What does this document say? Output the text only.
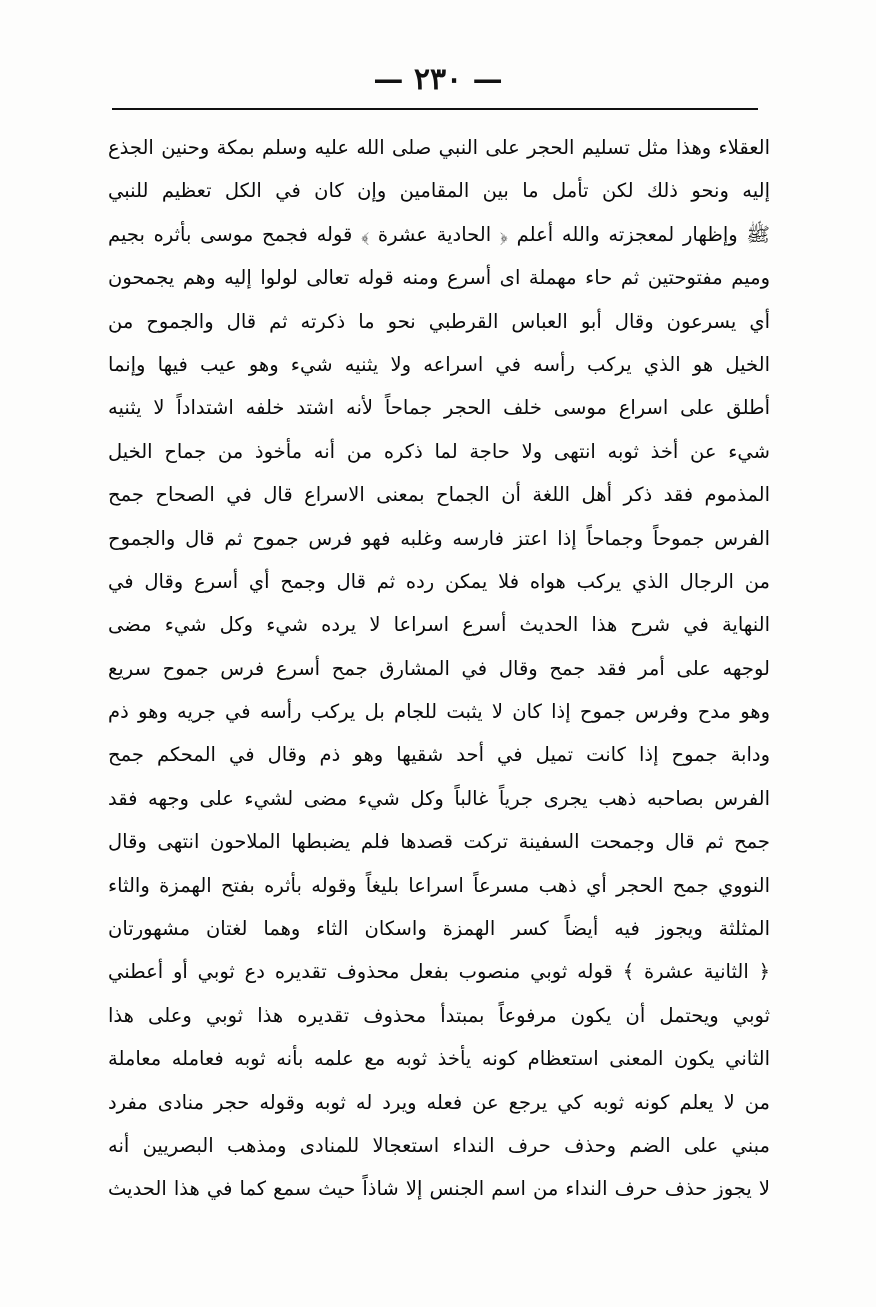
— ٢٣٠ —
العقلاء وهذا مثل تسليم الحجر على النبي صلى الله عليه وسلم بمكة وحنين الجذع
إليه ونحو ذلك لكن تأمل ما بين المقامين وإن كان في الكل تعظيم للنبي
ﷺ وإظهار لمعجزته والله أعلم ﴿ الحادية عشرة ﴾ قوله فجمح موسى بأثره بجيم
وميم مفتوحتين ثم حاء مهملة اى أسرع ومنه قوله تعالى لولوا إليه وهم يجمحون
أي يسرعون وقال أبو العباس القرطبي نحو ما ذكرته ثم قال والجموح من
الخيل هو الذي يركب رأسه في اسراعه ولا يثنيه شيء وهو عيب فيها وإنما
أطلق على اسراع موسى خلف الحجر جماحاً لأنه اشتد خلفه اشتداداً لا يثنيه
شيء عن أخذ ثوبه انتهى ولا حاجة لما ذكره من أنه مأخوذ من جماح الخيل
المذموم فقد ذكر أهل اللغة أن الجماح بمعنى الاسراع قال في الصحاح جمح
الفرس جموحاً وجماحاً إذا اعتز فارسه وغلبه فهو فرس جموح ثم قال والجموح
من الرجال الذي يركب هواه فلا يمكن رده ثم قال وجمح أي أسرع وقال في
النهاية في شرح هذا الحديث أسرع اسراعا لا يرده شيء وكل شيء مضى
لوجهه على أمر فقد جمح وقال في المشارق جمح أسرع فرس جموح سريع
وهو مدح وفرس جموح إذا كان لا يثبت للجام بل يركب رأسه في جريه وهو ذم
ودابة جموح إذا كانت تميل في أحد شقيها وهو ذم وقال في المحكم جمح
الفرس بصاحبه ذهب يجرى جرياً غالباً وكل شيء مضى لشيء على وجهه فقد
جمح ثم قال وجمحت السفينة تركت قصدها فلم يضبطها الملاحون انتهى وقال
النووي جمح الحجر أي ذهب مسرعاً اسراعا بليغاً وقوله بأثره بفتح الهمزة والثاء
المثلثة ويجوز فيه أيضاً كسر الهمزة واسكان الثاء وهما لغتان مشهورتان
﴿ الثانية عشرة ﴾ قوله ثوبي منصوب بفعل محذوف تقديره دع ثوبي أو أعطني
ثوبي ويحتمل أن يكون مرفوعاً بمبتدأ محذوف تقديره هذا ثوبي وعلى هذا
الثاني يكون المعنى استعظام كونه يأخذ ثوبه مع علمه بأنه ثوبه فعامله معاملة
من لا يعلم كونه ثوبه كي يرجع عن فعله ويرد له ثوبه وقوله حجر منادى مفرد
مبني على الضم وحذف حرف النداء استعجالا للمنادى ومذهب البصريين أنه
لا يجوز حذف حرف النداء من اسم الجنس إلا شاذاً حيث سمع كما في هذا الحديث
